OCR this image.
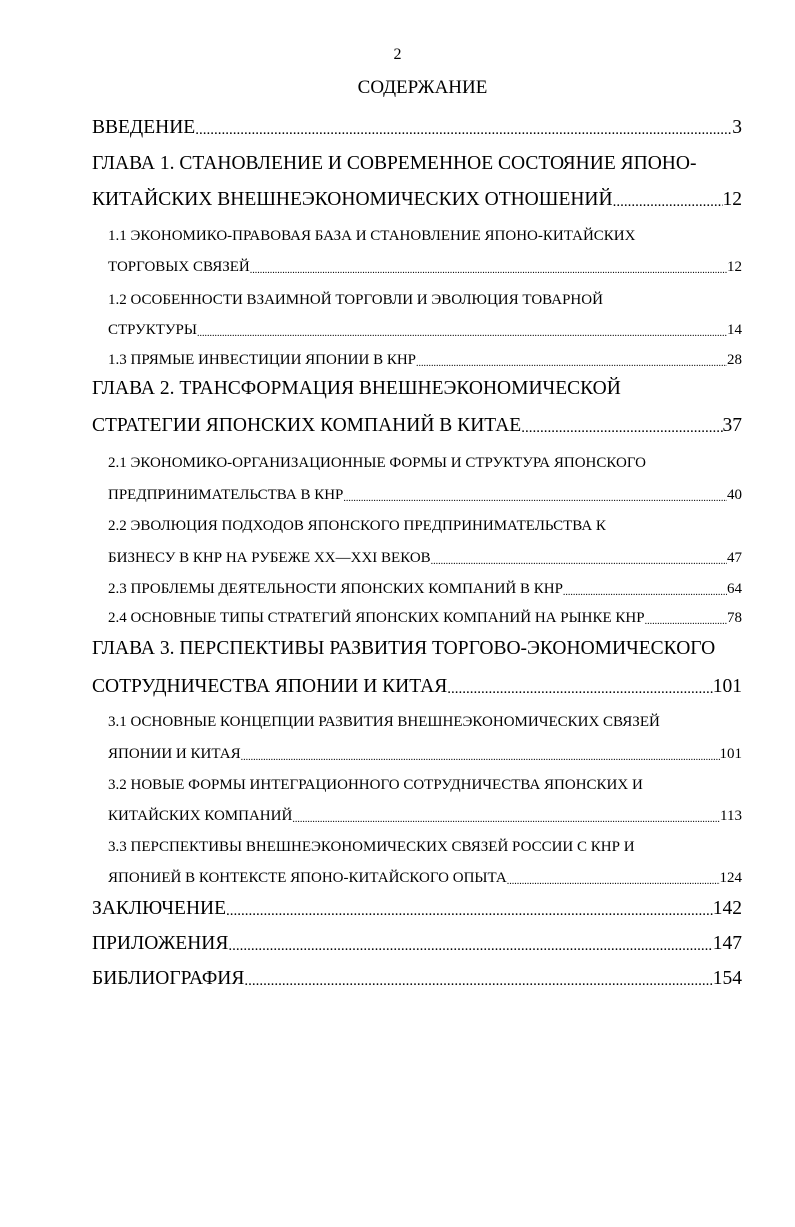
2
СОДЕРЖАНИЕ
ВВЕДЕНИЕ .....	3
ГЛАВА 1. СТАНОВЛЕНИЕ И СОВРЕМЕННОЕ СОСТОЯНИЕ ЯПОНО-
КИТАЙСКИХ ВНЕШНЕЭКОНОМИЧЕСКИХ ОТНОШЕНИЙ .....	12
1.1 ЭКОНОМИКО-ПРАВОВАЯ БАЗА И СТАНОВЛЕНИЕ ЯПОНО-КИТАЙСКИХ
ТОРГОВЫХ СВЯЗЕЙ .....	12
1.2 ОСОБЕННОСТИ ВЗАИМНОЙ ТОРГОВЛИ И ЭВОЛЮЦИЯ ТОВАРНОЙ
СТРУКТУРЫ .....	14
1.3 ПРЯМЫЕ ИНВЕСТИЦИИ ЯПОНИИ В КНР .....	28
ГЛАВА 2. ТРАНСФОРМАЦИЯ ВНЕШНЕЭКОНОМИЧЕСКОЙ
СТРАТЕГИИ ЯПОНСКИХ КОМПАНИЙ В КИТАЕ .....	37
2.1 ЭКОНОМИКО-ОРГАНИЗАЦИОННЫЕ ФОРМЫ И СТРУКТУРА ЯПОНСКОГО
ПРЕДПРИНИМАТЕЛЬСТВА В КНР .....	40
2.2 ЭВОЛЮЦИЯ ПОДХОДОВ ЯПОНСКОГО ПРЕДПРИНИМАТЕЛЬСТВА К
БИЗНЕСУ В КНР НА РУБЕЖЕ XX—XXI ВЕКОВ .....	47
2.3 ПРОБЛЕМЫ ДЕЯТЕЛЬНОСТИ ЯПОНСКИХ КОМПАНИЙ В КНР .....	64
2.4 ОСНОВНЫЕ ТИПЫ СТРАТЕГИЙ ЯПОНСКИХ КОМПАНИЙ НА РЫНКЕ КНР .....	78
ГЛАВА 3. ПЕРСПЕКТИВЫ РАЗВИТИЯ ТОРГОВО-ЭКОНОМИЧЕСКОГО
СОТРУДНИЧЕСТВА ЯПОНИИ И КИТАЯ .....	101
3.1 ОСНОВНЫЕ КОНЦЕПЦИИ РАЗВИТИЯ ВНЕШНЕЭКОНОМИЧЕСКИХ СВЯЗЕЙ
ЯПОНИИ И КИТАЯ .....	101
3.2 НОВЫЕ ФОРМЫ ИНТЕГРАЦИОННОГО СОТРУДНИЧЕСТВА ЯПОНСКИХ И
КИТАЙСКИХ КОМПАНИЙ .....	113
3.3 ПЕРСПЕКТИВЫ ВНЕШНЕЭКОНОМИЧЕСКИХ СВЯЗЕЙ РОССИИ С КНР И
ЯПОНИЕЙ В КОНТЕКСТЕ ЯПОНО-КИТАЙСКОГО ОПЫТА .....	124
ЗАКЛЮЧЕНИЕ .....	142
ПРИЛОЖЕНИЯ .....	147
БИБЛИОГРАФИЯ .....	154
